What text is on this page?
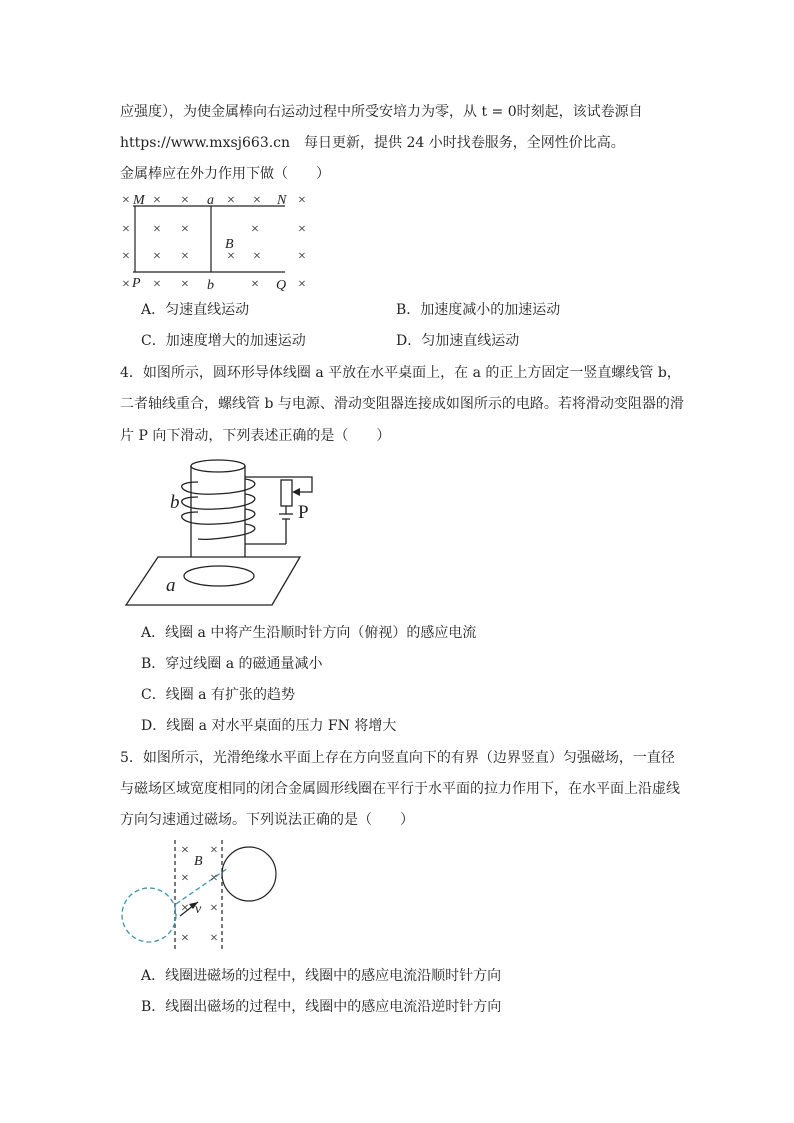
应强度），为使金属棒向右运动过程中所受安培力为零，从 t = 0时刻起，该试卷源自
https://www.mxsj663.cn　每日更新，提供 24 小时找卷服务，全网性价比高。
金属棒应在外力作用下做（　　）
× × ×	× ×	×
× × ×	×	×
× × ×	× ×	×
× × ×	×	×
M	a	N
B
P	b	Q
A．匀速直线运动	B．加速度减小的加速运动
C．加速度增大的加速运动	D．匀加速直线运动
4．如图所示，圆环形导体线圈 a 平放在水平桌面上，在 a 的正上方固定一竖直螺线管 b，
二者轴线重合，螺线管 b 与电源、滑动变阻器连接成如图所示的电路。若将滑动变阻器的滑
片 P 向下滑动，下列表述正确的是（　　）
b	P
a
A．线圈 a 中将产生沿顺时针方向（俯视）的感应电流
B．穿过线圈 a 的磁通量减小
C．线圈 a 有扩张的趋势
D．线圈 a 对水平桌面的压力 FN 将增大
5．如图所示，光滑绝缘水平面上存在方向竖直向下的有界（边界竖直）匀强磁场，一直径
与磁场区域宽度相同的闭合金属圆形线圈在平行于水平面的拉力作用下，在水平面上沿虚线
方向匀速通过磁场。下列说法正确的是（　　）
× ×
× ×
× ×
× ×
B
v
A．线圈进磁场的过程中，线圈中的感应电流沿顺时针方向
B．线圈出磁场的过程中，线圈中的感应电流沿逆时针方向
